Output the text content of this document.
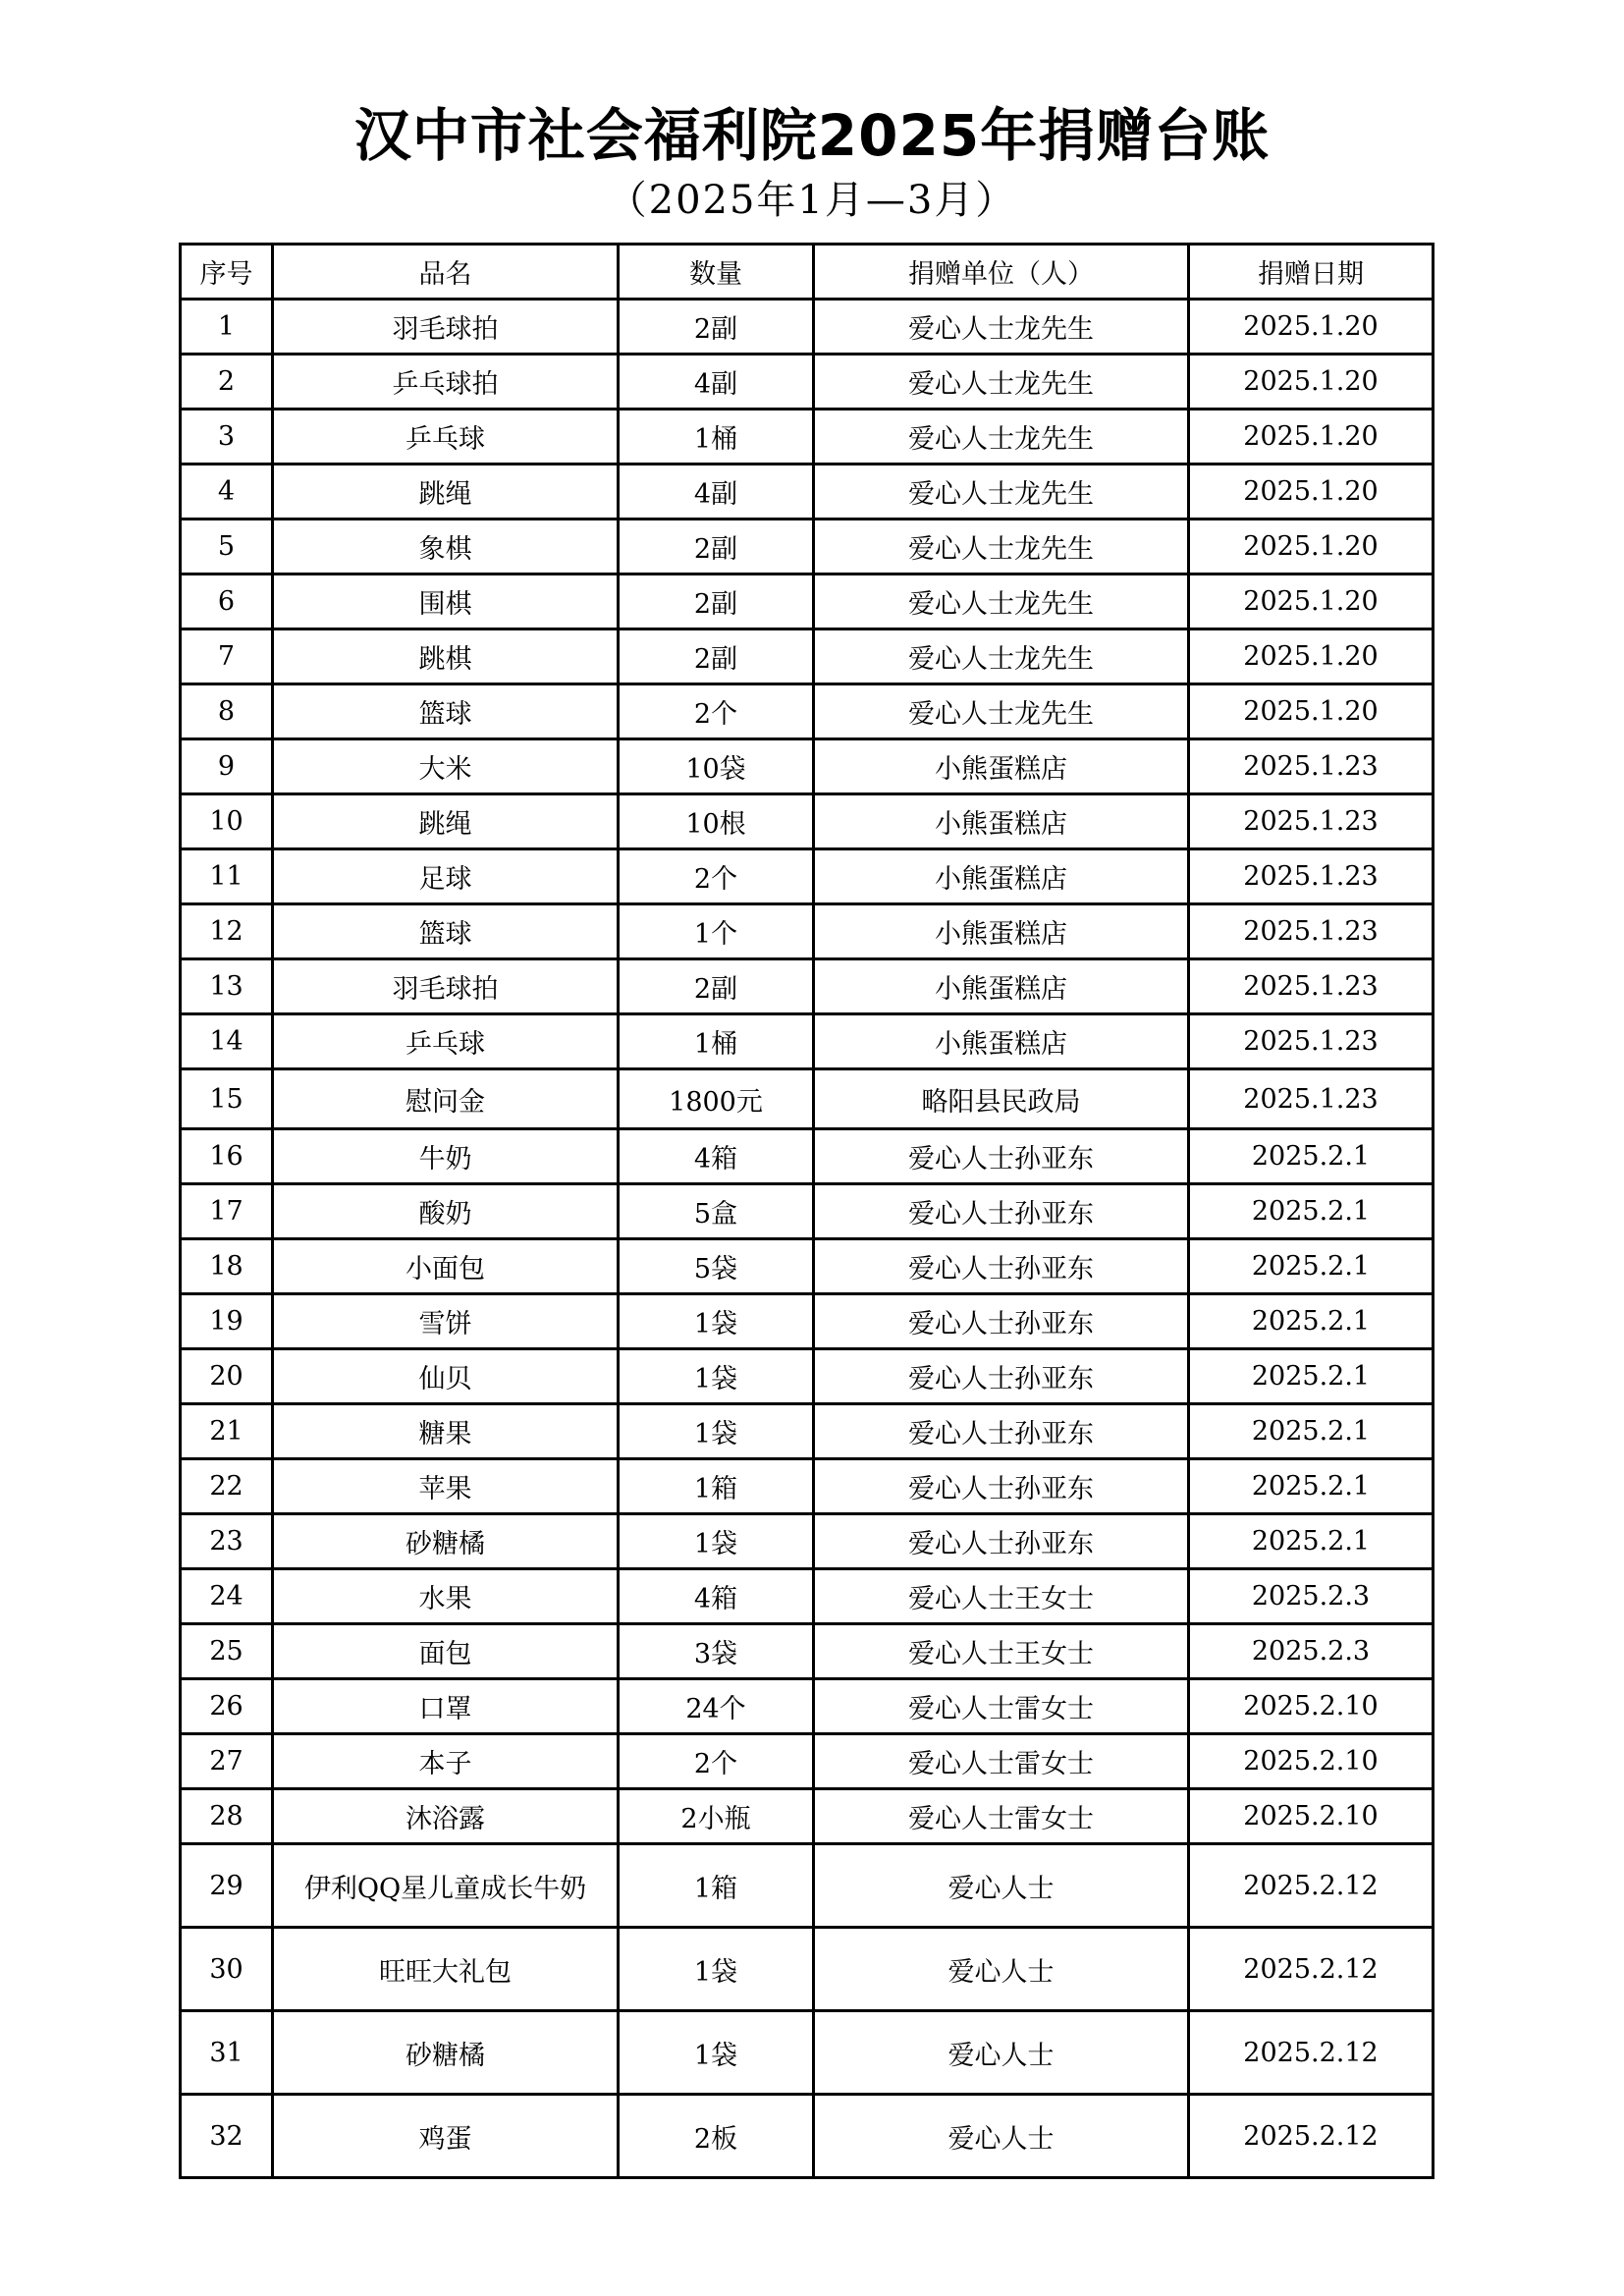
汉中市社会福利院2025年捐赠台账
（2025年1月—3月）
序号	品名	数量	捐赠单位（人）	捐赠日期
1	羽毛球拍	2副	爱心人士龙先生	2025.1.20
2	乒乓球拍	4副	爱心人士龙先生	2025.1.20
3	乒乓球	1桶	爱心人士龙先生	2025.1.20
4	跳绳	4副	爱心人士龙先生	2025.1.20
5	象棋	2副	爱心人士龙先生	2025.1.20
6	围棋	2副	爱心人士龙先生	2025.1.20
7	跳棋	2副	爱心人士龙先生	2025.1.20
8	篮球	2个	爱心人士龙先生	2025.1.20
9	大米	10袋	小熊蛋糕店	2025.1.23
10	跳绳	10根	小熊蛋糕店	2025.1.23
11	足球	2个	小熊蛋糕店	2025.1.23
12	篮球	1个	小熊蛋糕店	2025.1.23
13	羽毛球拍	2副	小熊蛋糕店	2025.1.23
14	乒乓球	1桶	小熊蛋糕店	2025.1.23
15	慰问金	1800元	略阳县民政局	2025.1.23
16	牛奶	4箱	爱心人士孙亚东	2025.2.1
17	酸奶	5盒	爱心人士孙亚东	2025.2.1
18	小面包	5袋	爱心人士孙亚东	2025.2.1
19	雪饼	1袋	爱心人士孙亚东	2025.2.1
20	仙贝	1袋	爱心人士孙亚东	2025.2.1
21	糖果	1袋	爱心人士孙亚东	2025.2.1
22	苹果	1箱	爱心人士孙亚东	2025.2.1
23	砂糖橘	1袋	爱心人士孙亚东	2025.2.1
24	水果	4箱	爱心人士王女士	2025.2.3
25	面包	3袋	爱心人士王女士	2025.2.3
26	口罩	24个	爱心人士雷女士	2025.2.10
27	本子	2个	爱心人士雷女士	2025.2.10
28	沐浴露	2小瓶	爱心人士雷女士	2025.2.10
29	伊利QQ星儿童成长牛奶	1箱	爱心人士	2025.2.12
30	旺旺大礼包	1袋	爱心人士	2025.2.12
31	砂糖橘	1袋	爱心人士	2025.2.12
32	鸡蛋	2板	爱心人士	2025.2.12
